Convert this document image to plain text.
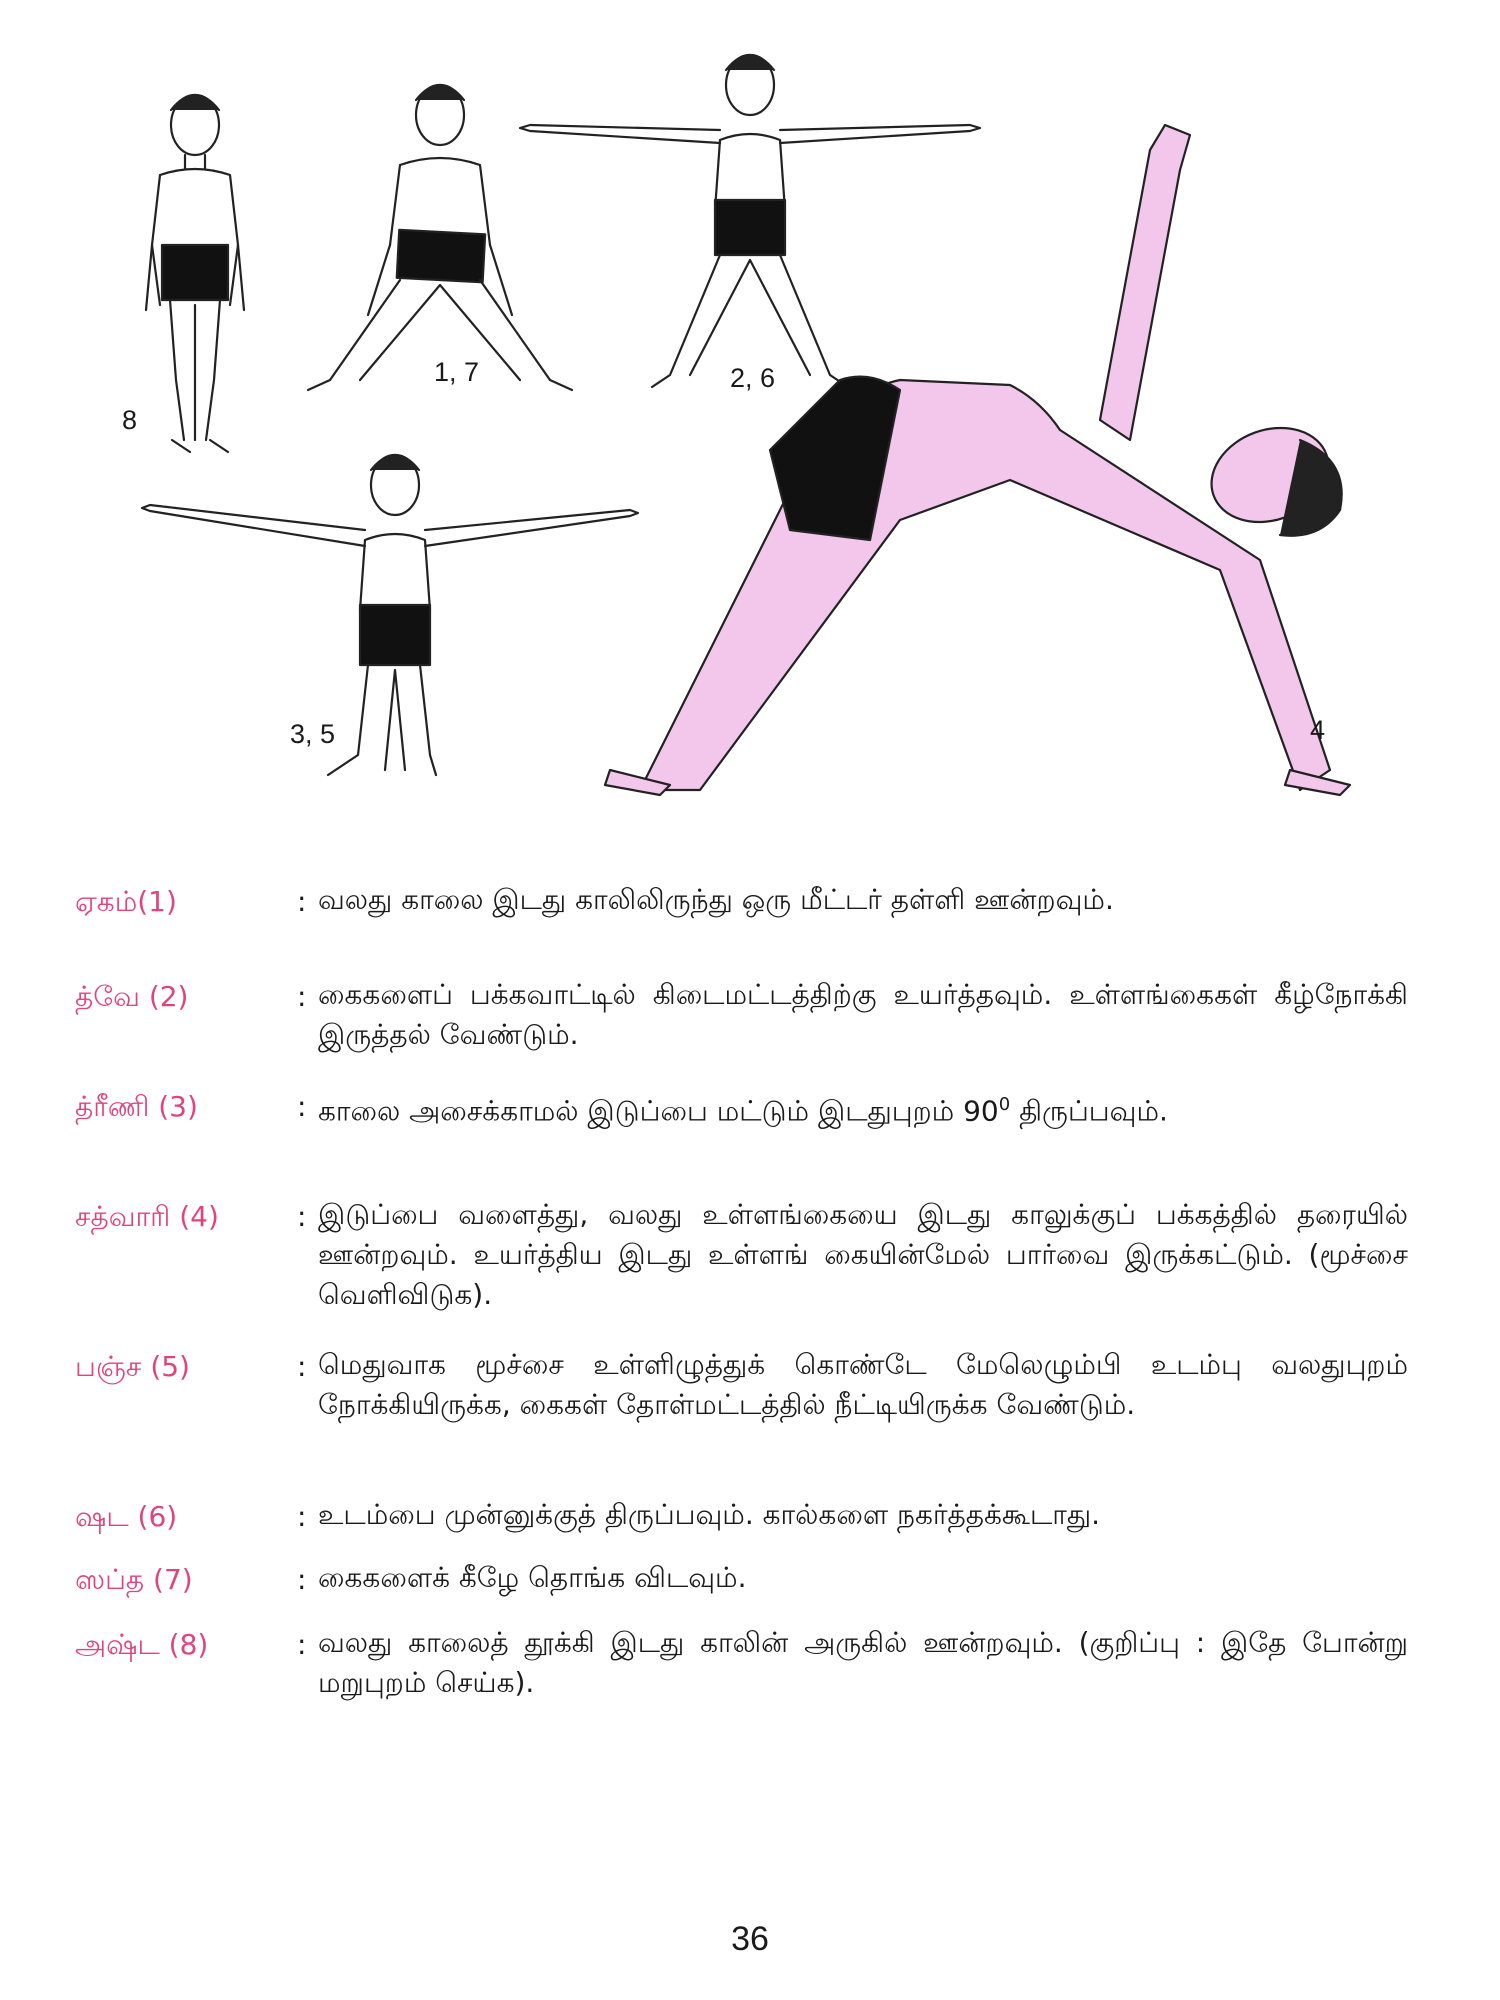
8
1, 7	2, 6
3, 5	4
ஏகம்(1)	: வலது காலை இடது காலிலிருந்து ஒரு மீட்டர் தள்ளி ஊன்றவும்.
த்வே (2)	: கைகளைப் பக்கவாட்டில் கிடைமட்டத்திற்கு உயர்த்தவும். உள்ளங்கைகள் கீழ்நோக்கி இருத்தல் வேண்டும்.
த்ரீணி (3)	: காலை அசைக்காமல் இடுப்பை மட்டும் இடதுபுறம் $90^0$ திருப்பவும்.
சத்வாரி (4)	: இடுப்பை வளைத்து, வலது உள்ளங்கையை இடது காலுக்குப் பக்கத்தில் தரையில் ஊன்றவும். உயர்த்திய இடது உள்ளங் கையின்மேல் பார்வை இருக்கட்டும். (மூச்சை வெளிவிடுக).
பஞ்ச (5)	: மெதுவாக மூச்சை உள்ளிழுத்துக் கொண்டே மேலெழும்பி உடம்பு வலதுபுறம் நோக்கியிருக்க, கைகள் தோள்மட்டத்தில் நீட்டியிருக்க வேண்டும்.
ஷட (6)	: உடம்பை முன்னுக்குத் திருப்பவும். கால்களை நகர்த்தக்கூடாது.
ஸப்த (7)	: கைகளைக் கீழே தொங்க விடவும்.
அஷ்ட (8)	: வலது காலைத் தூக்கி இடது காலின் அருகில் ஊன்றவும். (குறிப்பு : இதே போன்று மறுபுறம் செய்க).
36
